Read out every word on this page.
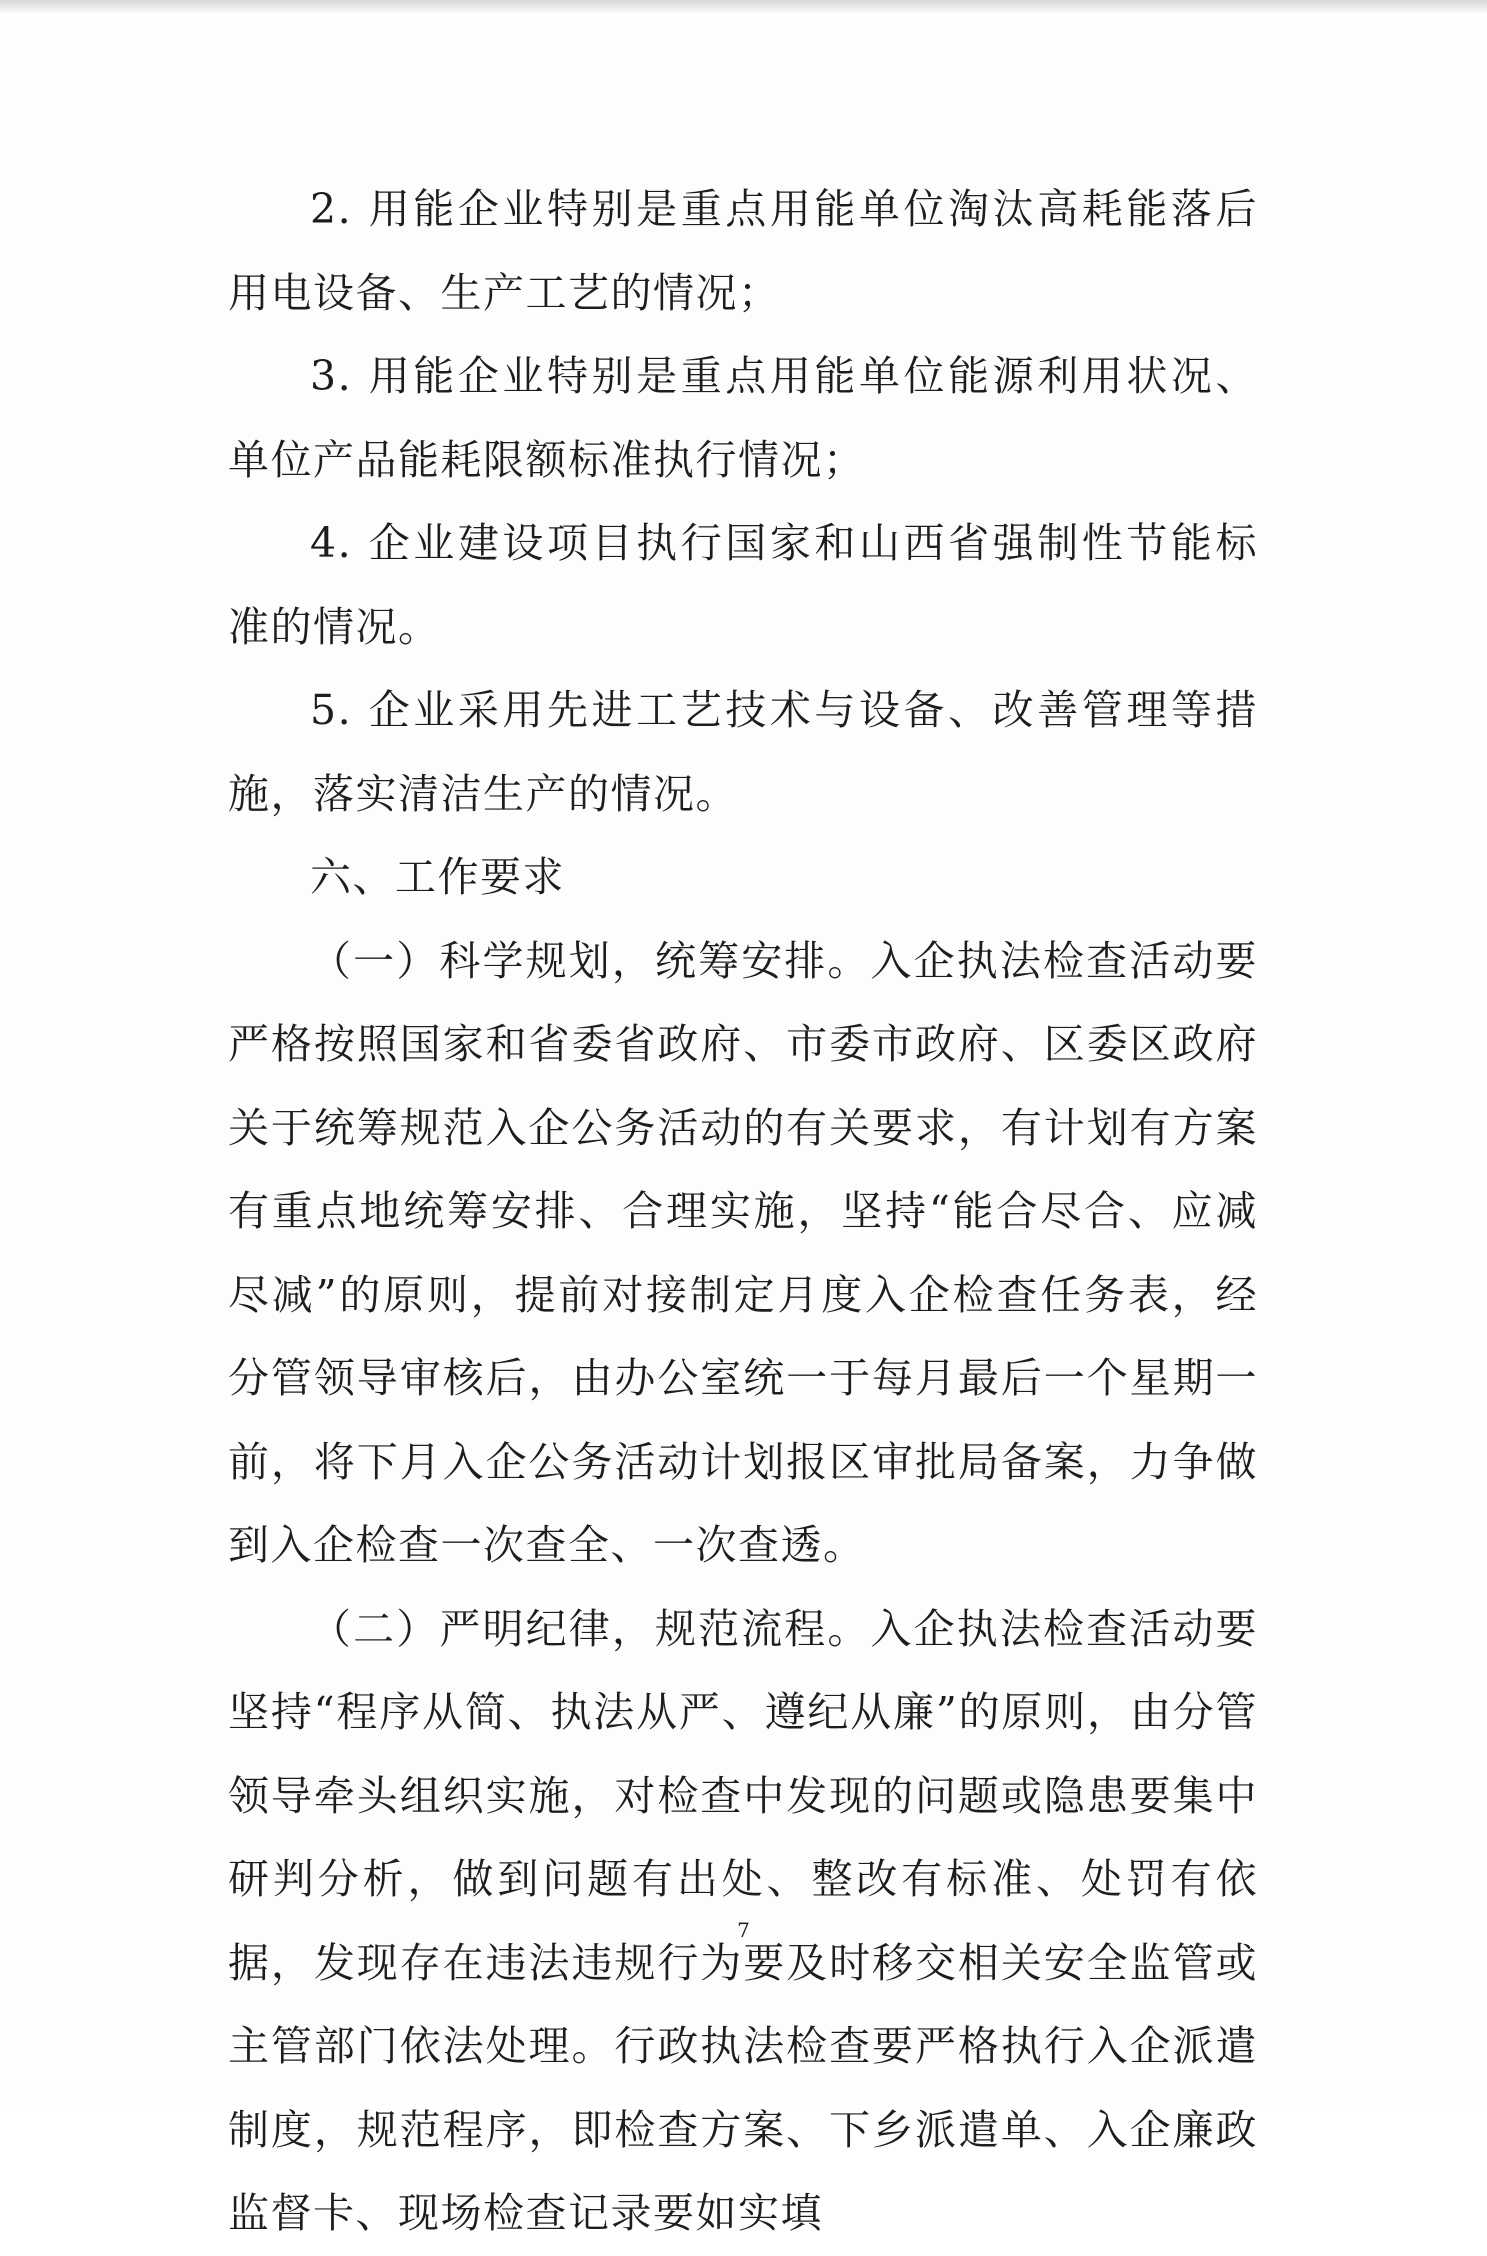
2. 用能企业特别是重点用能单位淘汰高耗能落后用电设备、生产工艺的情况；

3. 用能企业特别是重点用能单位能源利用状况、单位产品能耗限额标准执行情况；

4. 企业建设项目执行国家和山西省强制性节能标准的情况。

5. 企业采用先进工艺技术与设备、改善管理等措施，落实清洁生产的情况。

六、工作要求

（一）科学规划，统筹安排。入企执法检查活动要严格按照国家和省委省政府、市委市政府、区委区政府关于统筹规范入企公务活动的有关要求，有计划有方案有重点地统筹安排、合理实施，坚持“能合尽合、应减尽减”的原则，提前对接制定月度入企检查任务表，经分管领导审核后，由办公室统一于每月最后一个星期一前，将下月入企公务活动计划报区审批局备案，力争做到入企检查一次查全、一次查透。

（二）严明纪律，规范流程。入企执法检查活动要坚持“程序从简、执法从严、遵纪从廉”的原则，由分管领导牵头组织实施，对检查中发现的问题或隐患要集中研判分析，做到问题有出处、整改有标准、处罚有依据，发现存在违法违规行为要及时移交相关安全监管或主管部门依法处理。行政执法检查要严格执行入企派遣制度，规范程序，即检查方案、下乡派遣单、入企廉政监督卡、现场检查记录要如实填

7
